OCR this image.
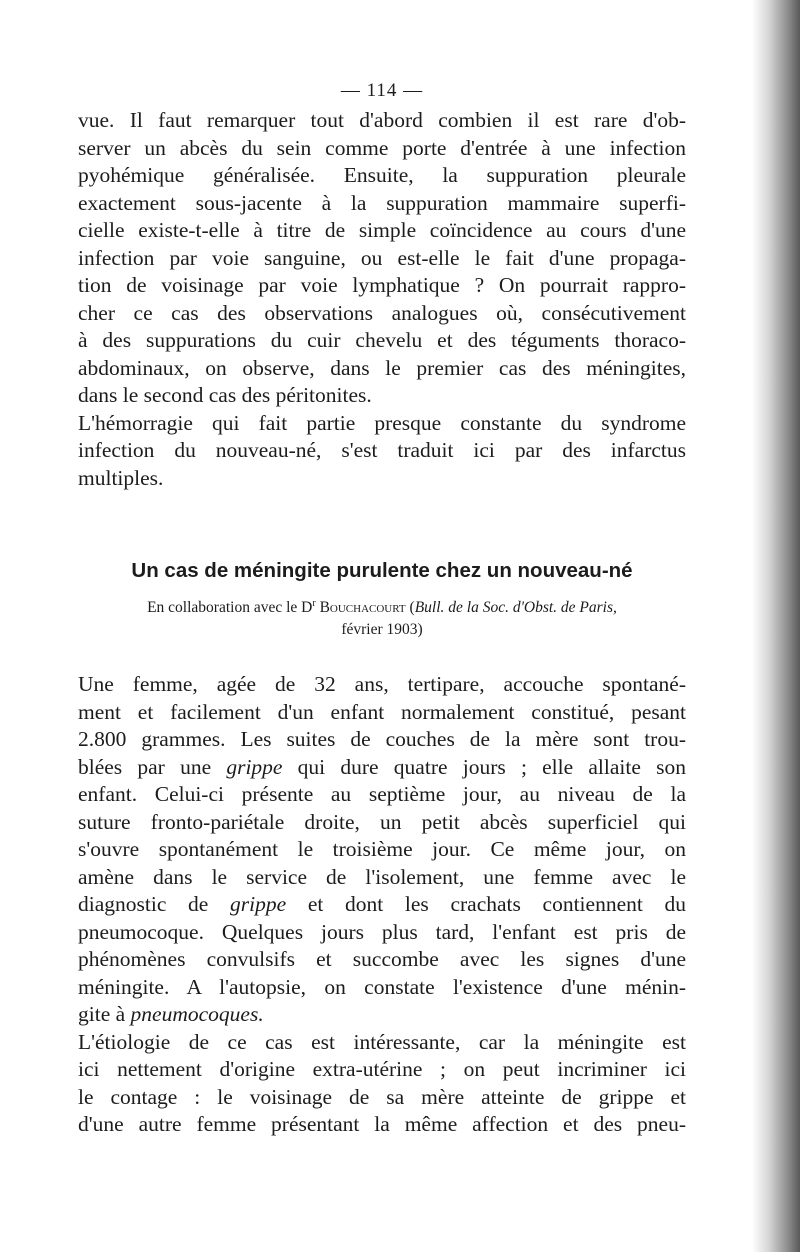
— 114 —

vue. Il faut remarquer tout d'abord combien il est rare d'ob-
server un abcès du sein comme porte d'entrée à une infection
pyohémique généralisée. Ensuite, la suppuration pleurale
exactement sous-jacente à la suppuration mammaire superfi-
cielle existe-t-elle à titre de simple coïncidence au cours d'une
infection par voie sanguine, ou est-elle le fait d'une propaga-
tion de voisinage par voie lymphatique ? On pourrait rappro-
cher ce cas des observations analogues où, consécutivement
à des suppurations du cuir chevelu et des téguments thoraco-
abdominaux, on observe, dans le premier cas des méningites,
dans le second cas des péritonites.

L'hémorragie qui fait partie presque constante du syndrome
infection du nouveau-né, s'est traduit ici par des infarctus
multiples.

Un cas de méningite purulente chez un nouveau-né
En collaboration avec le $D^r$ Bouchacourt (Bull. de la Soc. d'Obst. de Paris,
février 1903)

Une femme, agée de 32 ans, tertipare, accouche spontané-
ment et facilement d'un enfant normalement constitué, pesant
2.800 grammes. Les suites de couches de la mère sont trou-
blées par une grippe qui dure quatre jours ; elle allaite son
enfant. Celui-ci présente au septième jour, au niveau de la
suture fronto-pariétale droite, un petit abcès superficiel qui
s'ouvre spontanément le troisième jour. Ce même jour, on
amène dans le service de l'isolement, une femme avec le
diagnostic de grippe et dont les crachats contiennent du
pneumocoque. Quelques jours plus tard, l'enfant est pris de
phénomènes convulsifs et succombe avec les signes d'une
méningite. A l'autopsie, on constate l'existence d'une ménin-
gite à pneumocoques.

L'étiologie de ce cas est intéressante, car la méningite est
ici nettement d'origine extra-utérine ; on peut incriminer ici
le contage : le voisinage de sa mère atteinte de grippe et
d'une autre femme présentant la même affection et des pneu-
